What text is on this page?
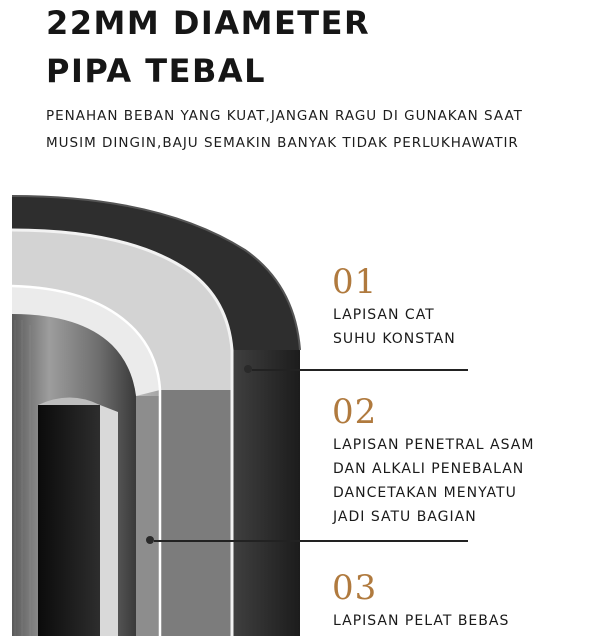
22MM DIAMETER
PIPA TEBAL
PENAHAN BEBAN YANG KUAT,JANGAN RAGU DI GUNAKAN SAAT MUSIM DINGIN,BAJU SEMAKIN BANYAK TIDAK PERLUKHAWATIR
01
LAPISAN CAT
SUHU KONSTAN
02
LAPISAN PENETRAL ASAM
DAN ALKALI PENEBALAN
DANCETAKAN MENYATU
JADI SATU BAGIAN
03
LAPISAN PELAT BEBAS
